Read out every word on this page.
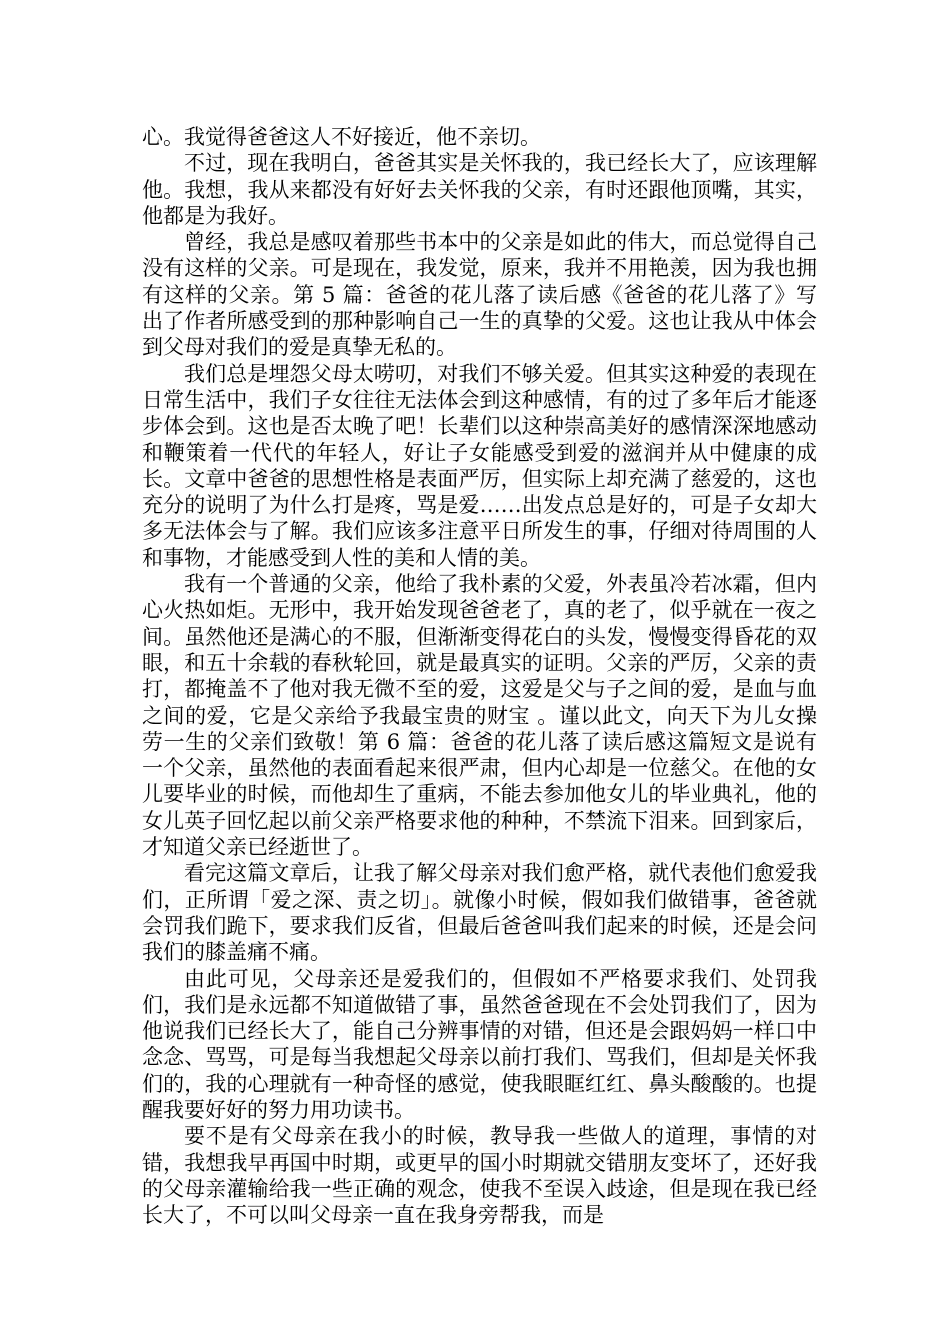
心。我觉得爸爸这人不好接近，他不亲切。

不过，现在我明白，爸爸其实是关怀我的，我已经长大了，应该理解他。我想，我从来都没有好好去关怀我的父亲，有时还跟他顶嘴，其实，他都是为我好。

曾经，我总是感叹着那些书本中的父亲是如此的伟大，而总觉得自己没有这样的父亲。可是现在，我发觉，原来，我并不用艳羡，因为我也拥有这样的父亲。第 5 篇：爸爸的花儿落了读后感《爸爸的花儿落了》写出了作者所感受到的那种影响自己一生的真挚的父爱。这也让我从中体会到父母对我们的爱是真挚无私的。

我们总是埋怨父母太唠叨，对我们不够关爱。但其实这种爱的表现在日常生活中，我们子女往往无法体会到这种感情，有的过了多年后才能逐步体会到。这也是否太晚了吧！长辈们以这种崇高美好的感情深深地感动和鞭策着一代代的年轻人，好让子女能感受到爱的滋润并从中健康的成长。文章中爸爸的思想性格是表面严厉，但实际上却充满了慈爱的，这也充分的说明了为什么打是疼，骂是爱……出发点总是好的，可是子女却大多无法体会与了解。我们应该多注意平日所发生的事，仔细对待周围的人和事物，才能感受到人性的美和人情的美。

我有一个普通的父亲，他给了我朴素的父爱，外表虽冷若冰霜，但内心火热如炬。无形中，我开始发现爸爸老了，真的老了，似乎就在一夜之间。虽然他还是满心的不服，但渐渐变得花白的头发，慢慢变得昏花的双眼，和五十余载的春秋轮回，就是最真实的证明。父亲的严厉，父亲的责打，都掩盖不了他对我无微不至的爱，这爱是父与子之间的爱，是血与血之间的爱，它是父亲给予我最宝贵的财宝 。谨以此文，向天下为儿女操劳一生的父亲们致敬！第 6 篇：爸爸的花儿落了读后感这篇短文是说有一个父亲，虽然他的表面看起来很严肃，但内心却是一位慈父。在他的女儿要毕业的时候，而他却生了重病，不能去参加他女儿的毕业典礼，他的女儿英子回忆起以前父亲严格要求他的种种，不禁流下泪来。回到家后，才知道父亲已经逝世了。

看完这篇文章后，让我了解父母亲对我们愈严格，就代表他们愈爱我们，正所谓「爱之深、责之切」。就像小时候，假如我们做错事，爸爸就会罚我们跪下，要求我们反省，但最后爸爸叫我们起来的时候，还是会问我们的膝盖痛不痛。

由此可见，父母亲还是爱我们的，但假如不严格要求我们、处罚我们，我们是永远都不知道做错了事，虽然爸爸现在不会处罚我们了，因为他说我们已经长大了，能自己分辨事情的对错，但还是会跟妈妈一样口中念念、骂骂，可是每当我想起父母亲以前打我们、骂我们，但却是关怀我们的，我的心理就有一种奇怪的感觉，使我眼眶红红、鼻头酸酸的。也提醒我要好好的努力用功读书。

要不是有父母亲在我小的时候，教导我一些做人的道理，事情的对错，我想我早再国中时期，或更早的国小时期就交错朋友变坏了，还好我的父母亲灌输给我一些正确的观念，使我不至误入歧途，但是现在我已经长大了，不可以叫父母亲一直在我身旁帮我，而是
